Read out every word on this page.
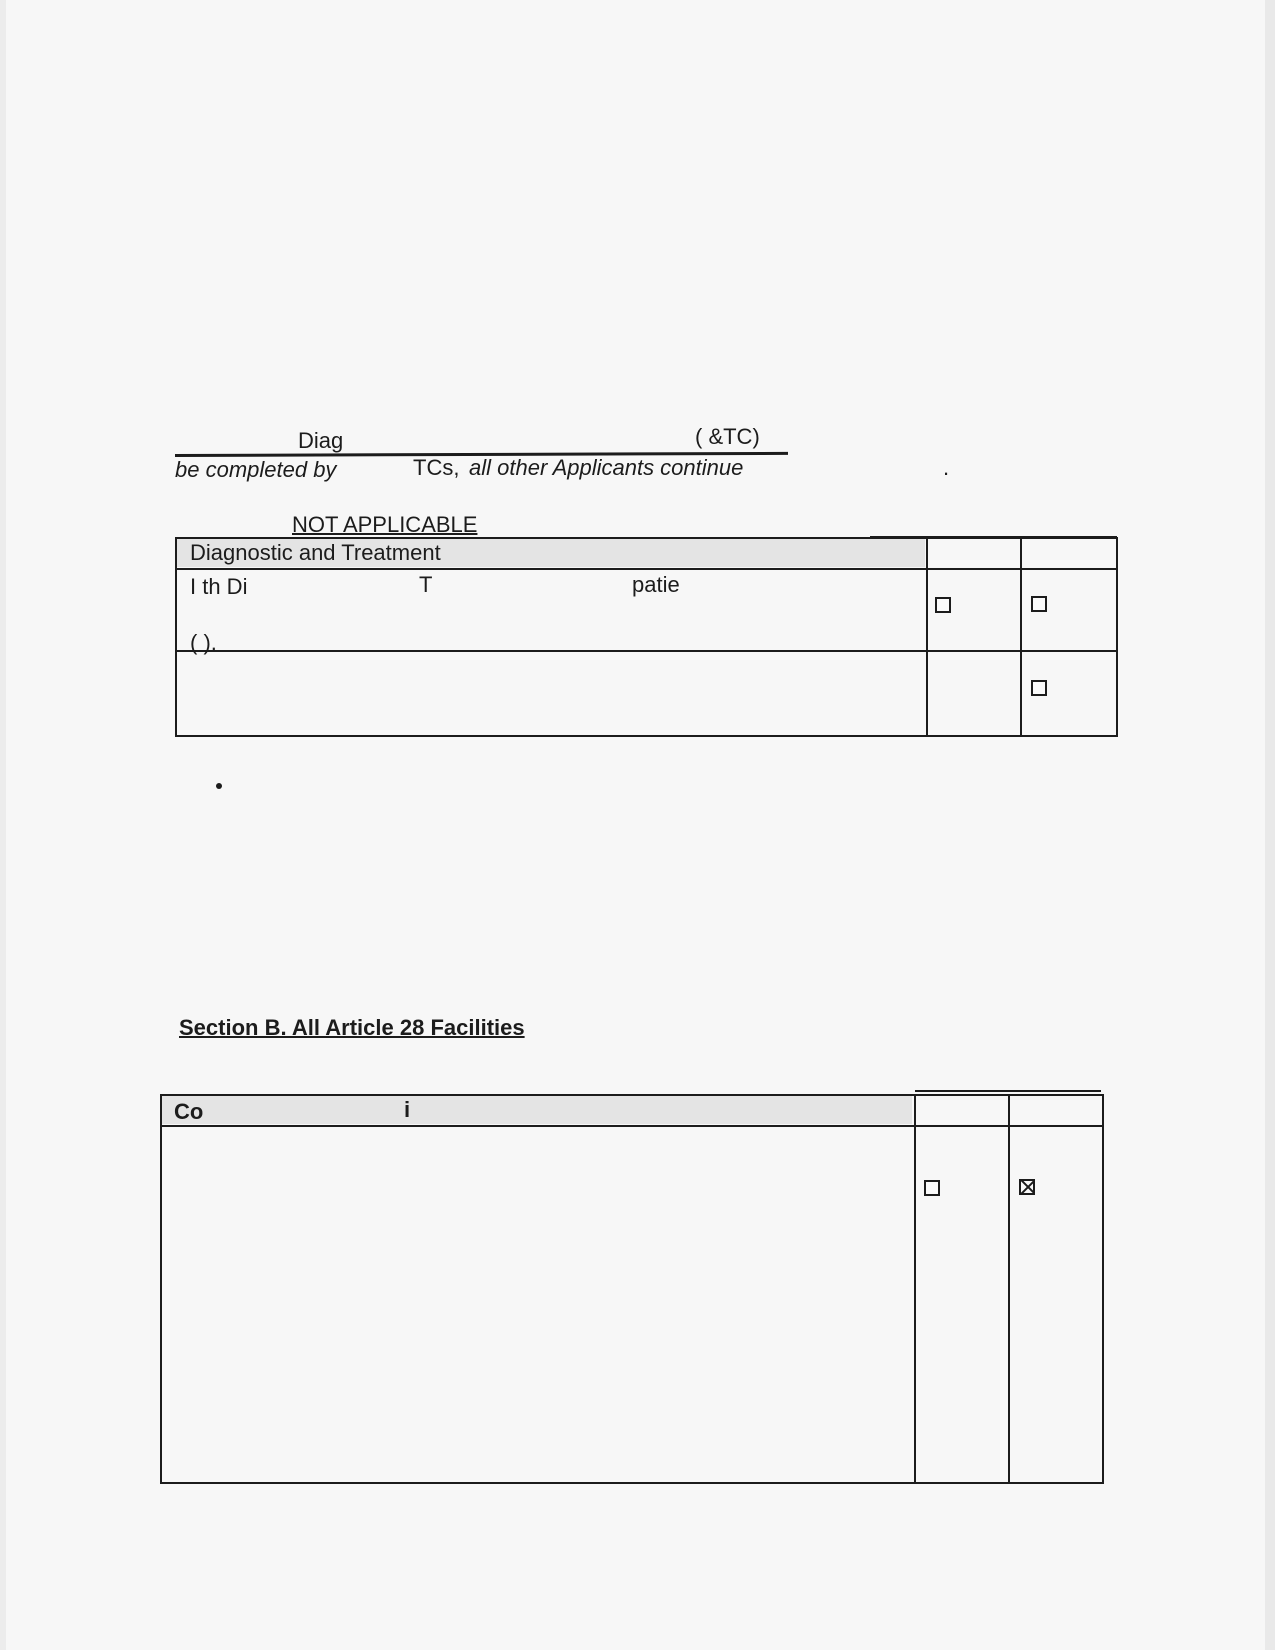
Diag	( &TC)
be completed by	TCs, all other Applicants continue	.
NOT APPLICABLE
Diagnostic and Treatment
I th Di	T	patie
( ).
Section B. All Article 28 Facilities
Co	i
